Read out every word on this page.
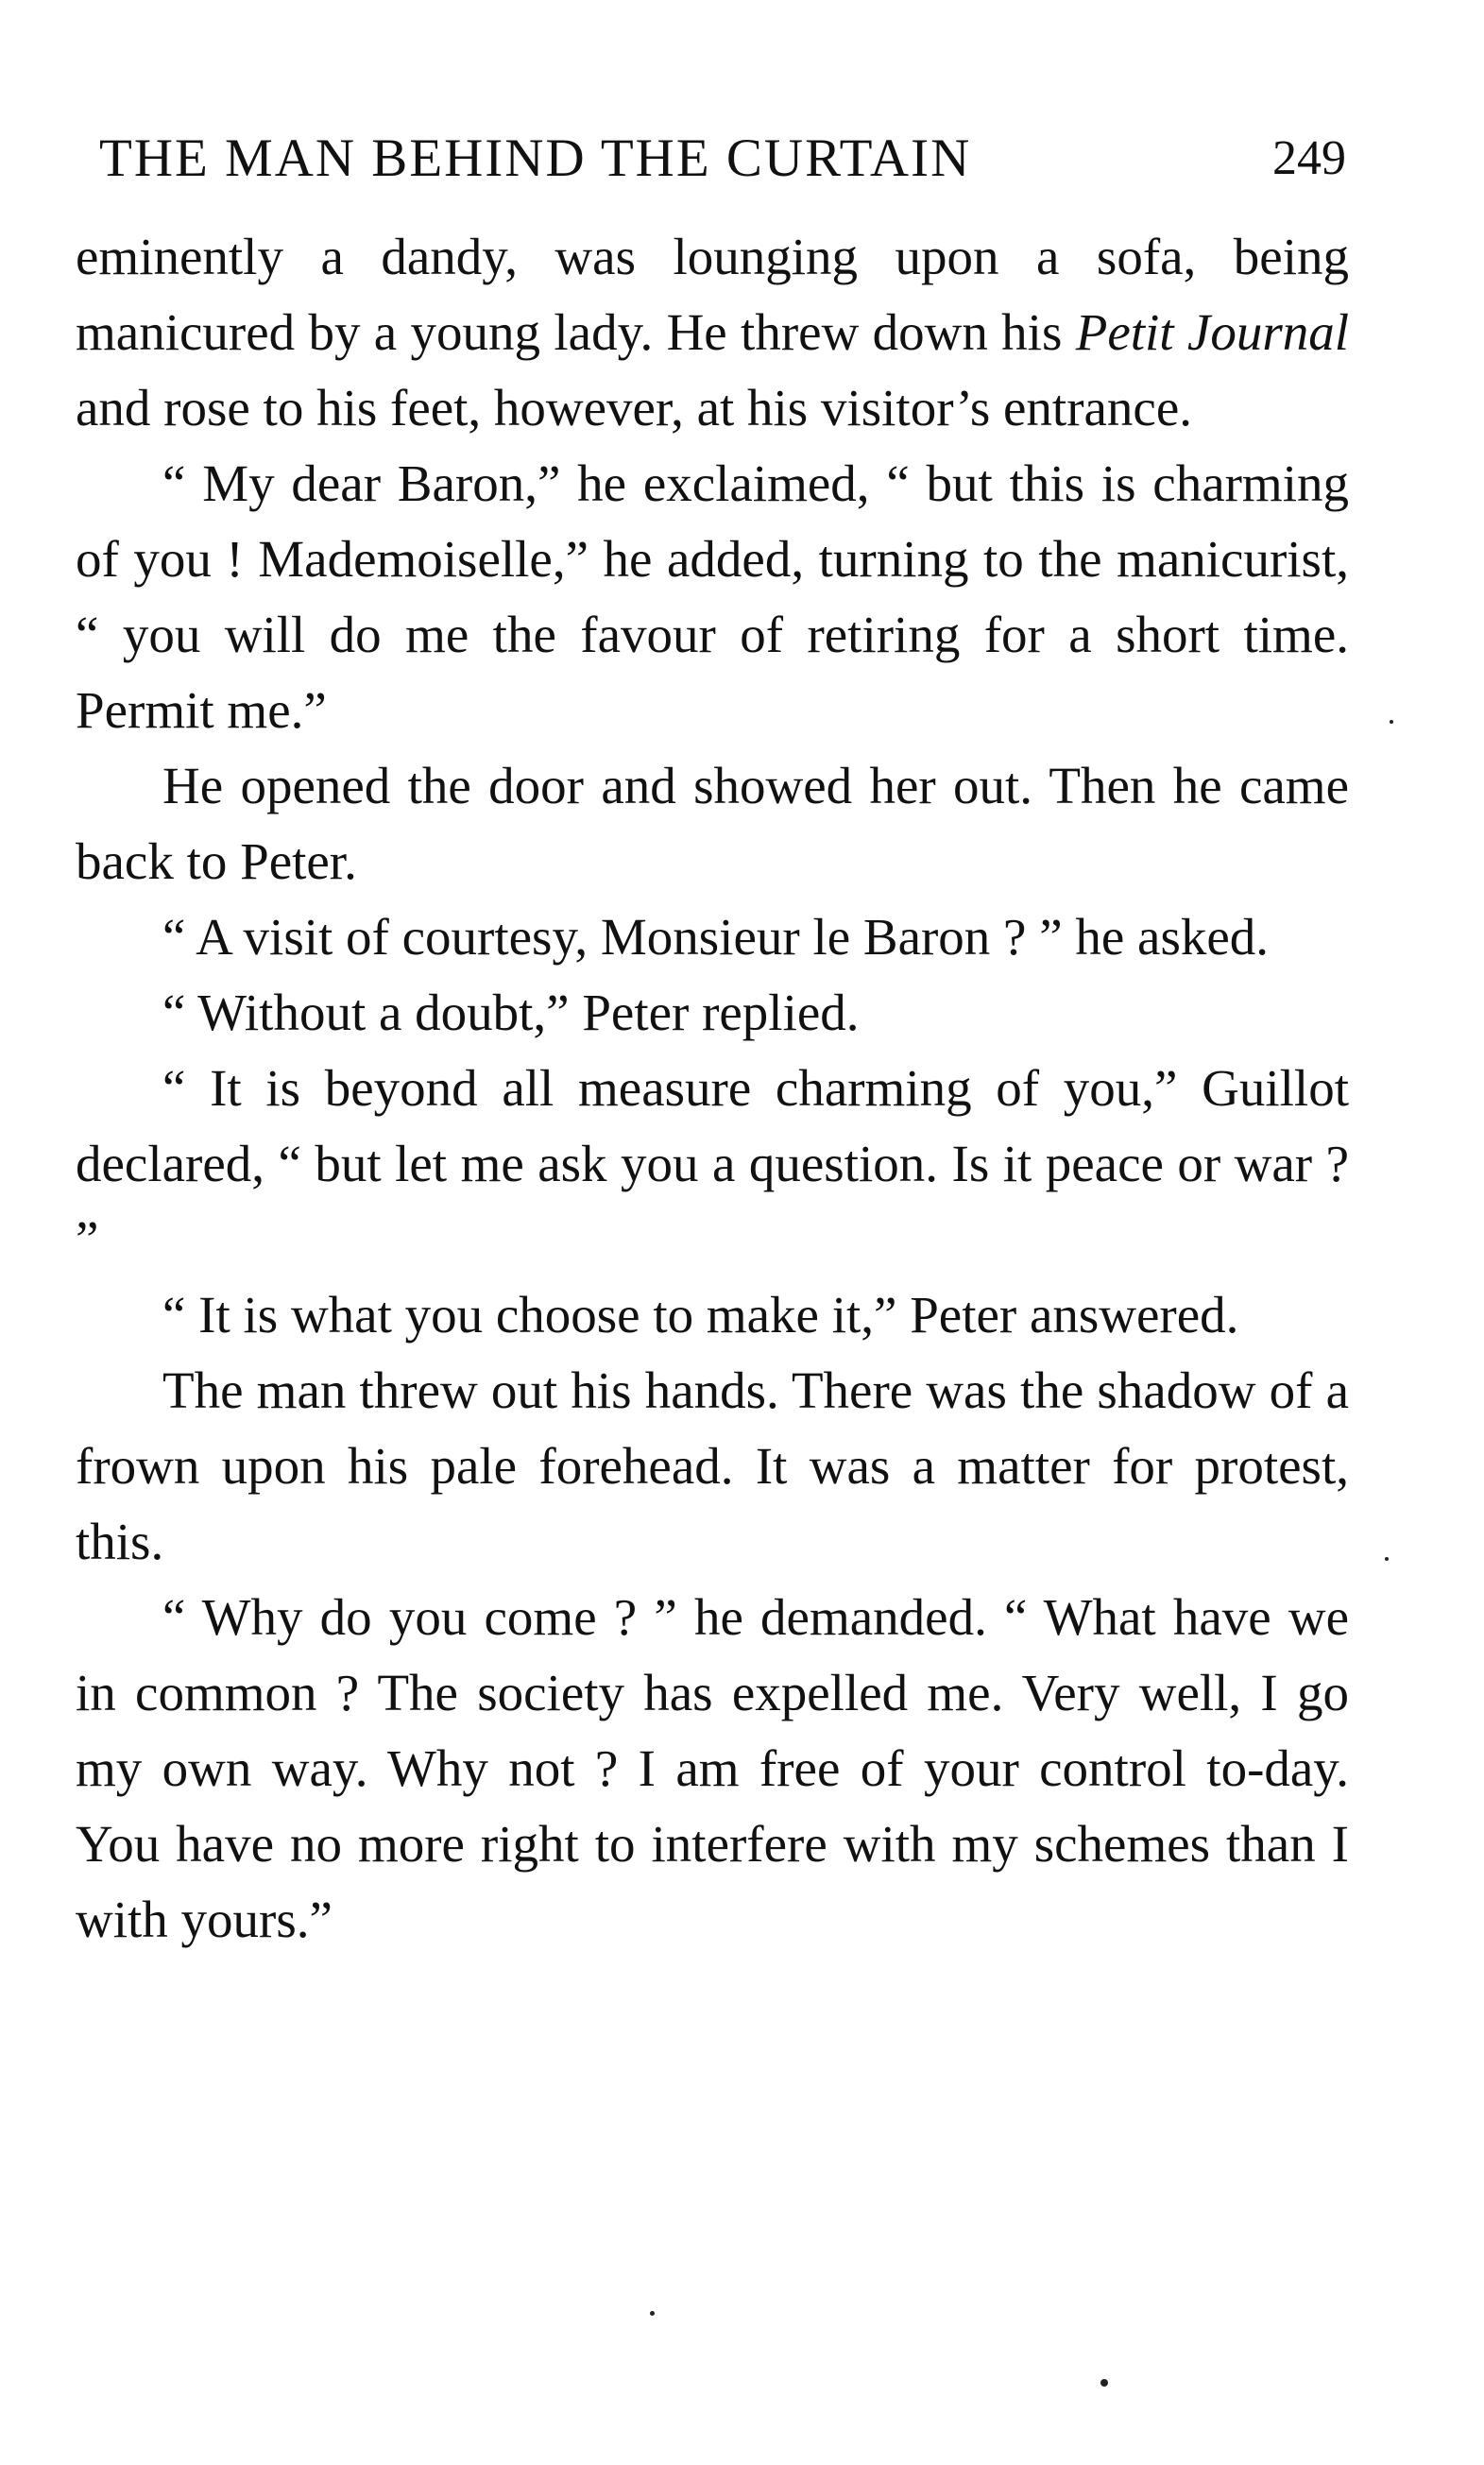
THE MAN BEHIND THE CURTAIN	249

eminently a dandy, was lounging upon a sofa, being manicured by a young lady. He threw down his Petit Journal and rose to his feet, however, at his visitor’s entrance.

“ My dear Baron,” he exclaimed, “ but this is charming of you ! Mademoiselle,” he added, turning to the manicurist, “ you will do me the favour of retiring for a short time. Permit me.”

He opened the door and showed her out. Then he came back to Peter.

“ A visit of courtesy, Monsieur le Baron ? ” he asked.

“ Without a doubt,” Peter replied.

“ It is beyond all measure charming of you,” Guillot declared, “ but let me ask you a question. Is it peace or war ? ”

“ It is what you choose to make it,” Peter answered.

The man threw out his hands. There was the shadow of a frown upon his pale forehead. It was a matter for protest, this.

“ Why do you come ? ” he demanded. “ What have we in common ? The society has expelled me. Very well, I go my own way. Why not ? I am free of your control to-day. You have no more right to interfere with my schemes than I with yours.”
